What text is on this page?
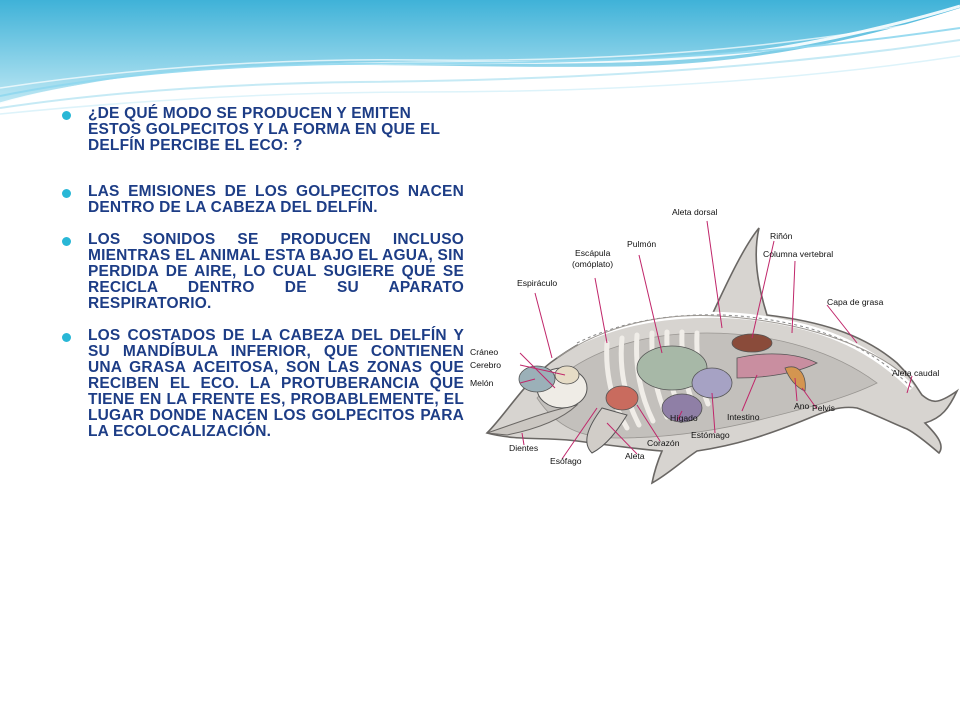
¿DE QUÉ MODO SE PRODUCEN Y EMITEN ESTOS GOLPECITOS Y LA FORMA EN QUE EL DELFÍN PERCIBE EL ECO: ?

LAS EMISIONES DE LOS GOLPECITOS NACEN DENTRO DE LA CABEZA DEL DELFÍN.

LOS SONIDOS SE PRODUCEN INCLUSO MIENTRAS EL ANIMAL ESTA BAJO EL AGUA, SIN PERDIDA DE AIRE, LO CUAL SUGIERE QUE SE RECICLA DENTRO DE SU APARATO RESPIRATORIO.

LOS COSTADOS DE LA CABEZA DEL DELFÍN Y SU MANDÍBULA INFERIOR, QUE CONTIENEN UNA GRASA ACEITOSA, SON LAS ZONAS QUE RECIBEN EL ECO. LA PROTUBERANCIA QUE TIENE EN LA FRENTE ES, PROBABLEMENTE, EL LUGAR DONDE NACEN LOS GOLPECITOS PARA LA ECOLOCALIZACIÓN.

Aleta dorsal
Riñón
Columna vertebral
Escápula
(omóplato)
Pulmón
Espiráculo
Capa de grasa
Cráneo
Cerebro
Melón
Aleta caudal
Ano Pelvis
Intestino
Hígado
Estómago
Corazón
Dientes
Esófago	Aleta
